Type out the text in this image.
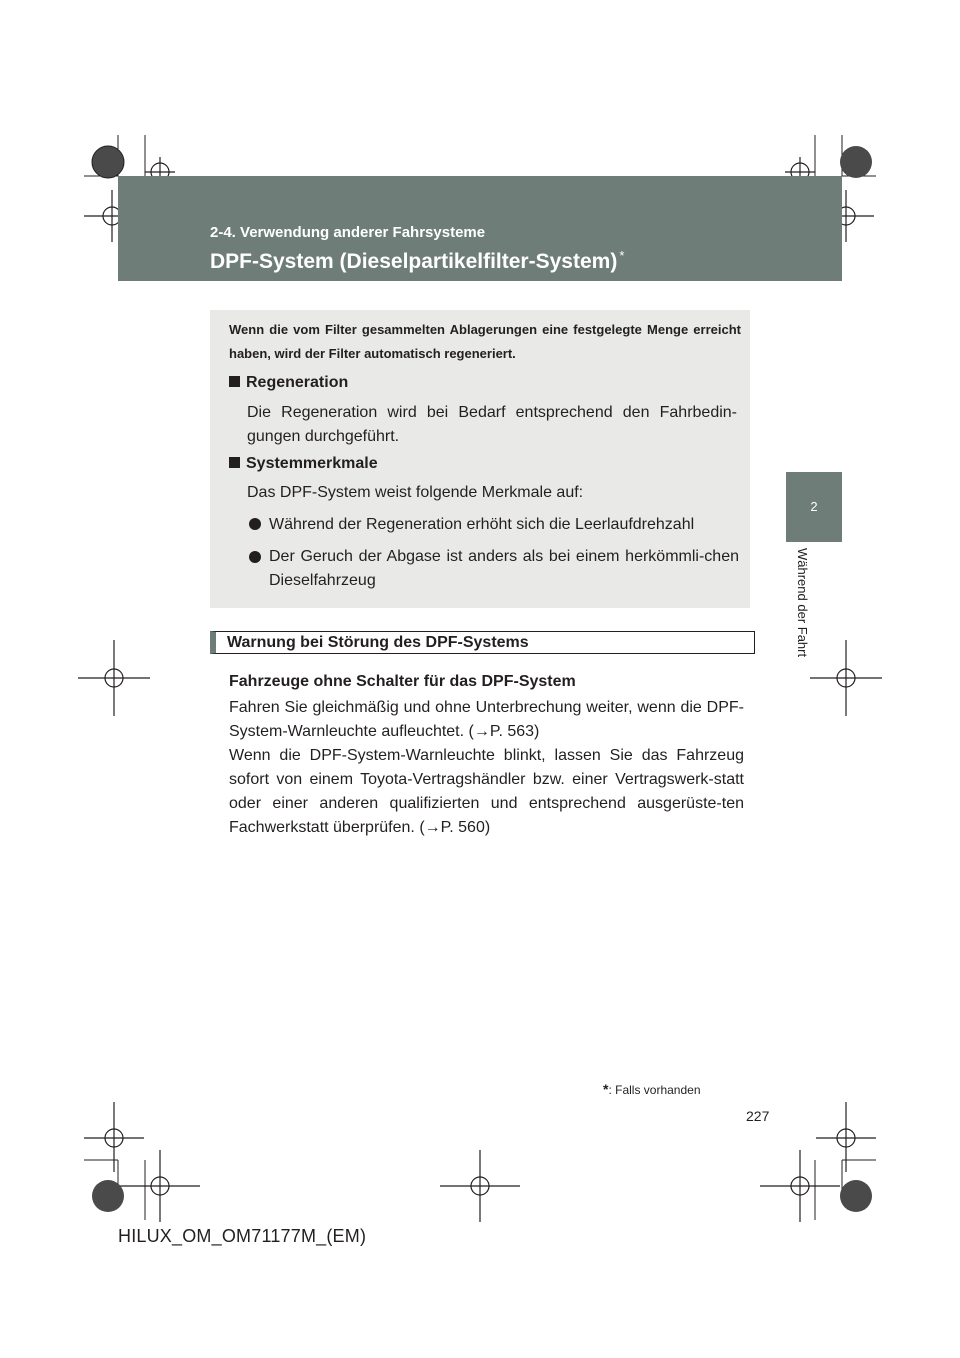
HILUX_OM_OM71177M_(EM).book Page 227 Wednesday, May 16, 2012 1:28 PM
2-4. Verwendung anderer Fahrsysteme
DPF-System (Dieselpartikelfilter-System) *
2
Während der Fahrt
Wenn die vom Filter gesammelten Ablagerungen eine festgelegte Menge erreicht haben, wird der Filter automatisch regeneriert.
Regeneration
Die Regeneration wird bei Bedarf entsprechend den Fahrbedin-gungen durchgeführt.
Systemmerkmale
Das DPF-System weist folgende Merkmale auf:
Während der Regeneration erhöht sich die Leerlaufdrehzahl
Der Geruch der Abgase ist anders als bei einem herkömmli-chen Dieselfahrzeug
Warnung bei Störung des DPF-Systems
Fahrzeuge ohne Schalter für das DPF-System
Fahren Sie gleichmäßig und ohne Unterbrechung weiter, wenn die DPF-System-Warnleuchte aufleuchtet. (→P. 563)
Wenn die DPF-System-Warnleuchte blinkt, lassen Sie das Fahrzeug sofort von einem Toyota-Vertragshändler bzw. einer Vertragswerk-statt oder einer anderen qualifizierten und entsprechend ausgerüste-ten Fachwerkstatt überprüfen. (→P. 560)
*: Falls vorhanden
227
HILUX_OM_OM71177M_(EM)
